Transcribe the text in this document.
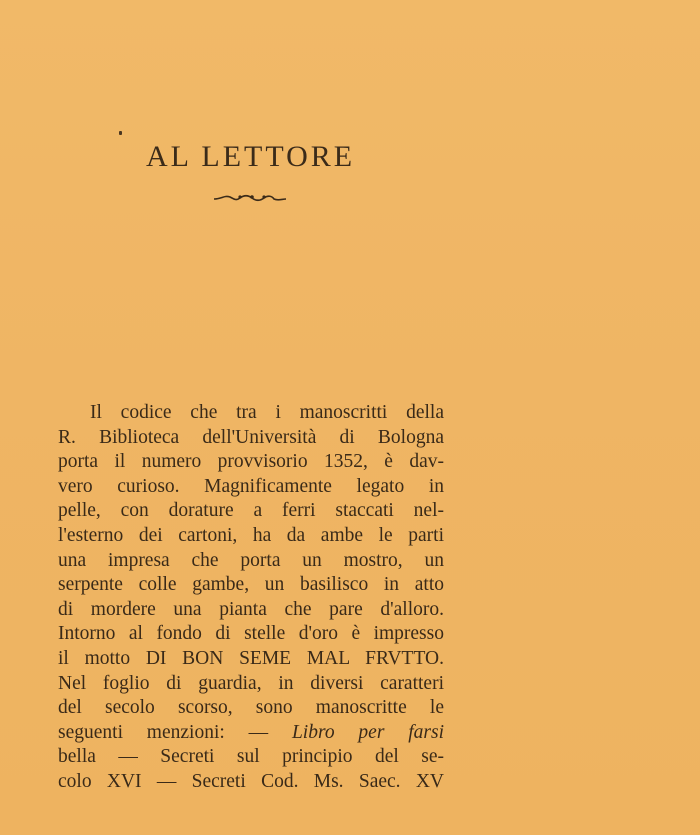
AL LETTORE
Il codice che tra i manoscritti della
R. Biblioteca dell'Università di Bologna
porta il numero provvisorio 1352, è dav-
vero curioso. Magnificamente legato in
pelle, con dorature a ferri staccati nel-
l'esterno dei cartoni, ha da ambe le parti
una impresa che porta un mostro, un
serpente colle gambe, un basilisco in atto
di mordere una pianta che pare d'alloro.
Intorno al fondo di stelle d'oro è impresso
il motto DI BON SEME MAL FRVTTO.
Nel foglio di guardia, in diversi caratteri
del secolo scorso, sono manoscritte le
seguenti menzioni: — Libro per farsi
bella — Secreti sul principio del se-
colo XVI — Secreti Cod. Ms. Saec. XV
